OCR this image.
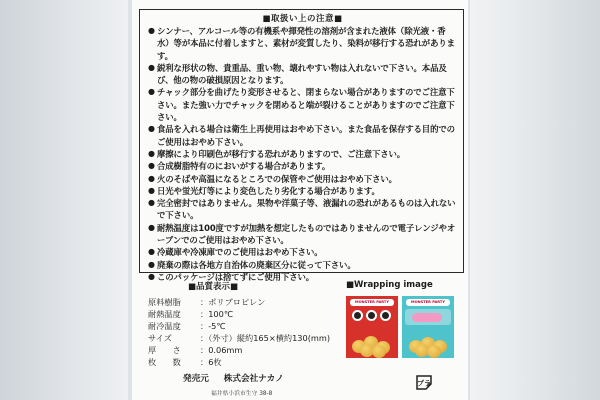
■取扱い上の注意■
● シンナー、アルコール等の有機系や揮発性の溶剤が含まれた液体（除光液・香水）等が本品に付着しますと、素材が変質したり、染料が移行する恐れがあります。
● 鋭利な形状の物、貴重品、重い物、壊れやすい物は入れないで下さい。本品及び、他の物の破損原因となります。
● チャック部分を曲げたり変形させると、閉まらない場合がありますのでご注意下さい。また強い力でチャックを閉めると端が裂けることがありますのでご注意下さい。
● 食品を入れる場合は衛生上再使用はおやめ下さい。また食品を保存する目的でのご使用はおやめ下さい。
● 摩擦により印刷色が移行する恐れがありますので、ご注意下さい。
● 合成樹脂特有のにおいがする場合があります。
● 火のそばや高温になるところでの保管やご使用はおやめ下さい。
● 日光や蛍光灯等により変色したり劣化する場合があります。
● 完全密封ではありません。果物や洋菓子等、液漏れの恐れがあるものは入れないで下さい。
● 耐熱温度は100度ですが加熱を想定したものではありませんので電子レンジやオーブンでのご使用はおやめ下さい。
● 冷蔵庫や冷凍庫でのご使用はおやめ下さい。
● 廃棄の際は各地方自治体の廃棄区分に従って下さい。
● このパッケージは捨てずにご使用下さい。
■品質表示■
原料樹脂	：ポリプロピレン
耐熱温度	：100℃
耐冷温度	：-5℃
サイズ	：（外寸）縦約165×横約130(mm)
厚　　さ	：0.06mm
枚　　数	：6枚
発売元 株式会社ナカノ
福井県小浜市生守 38-8
■Wrapping image
MONSTER PARTY	MONSTER PARTY
プラ
